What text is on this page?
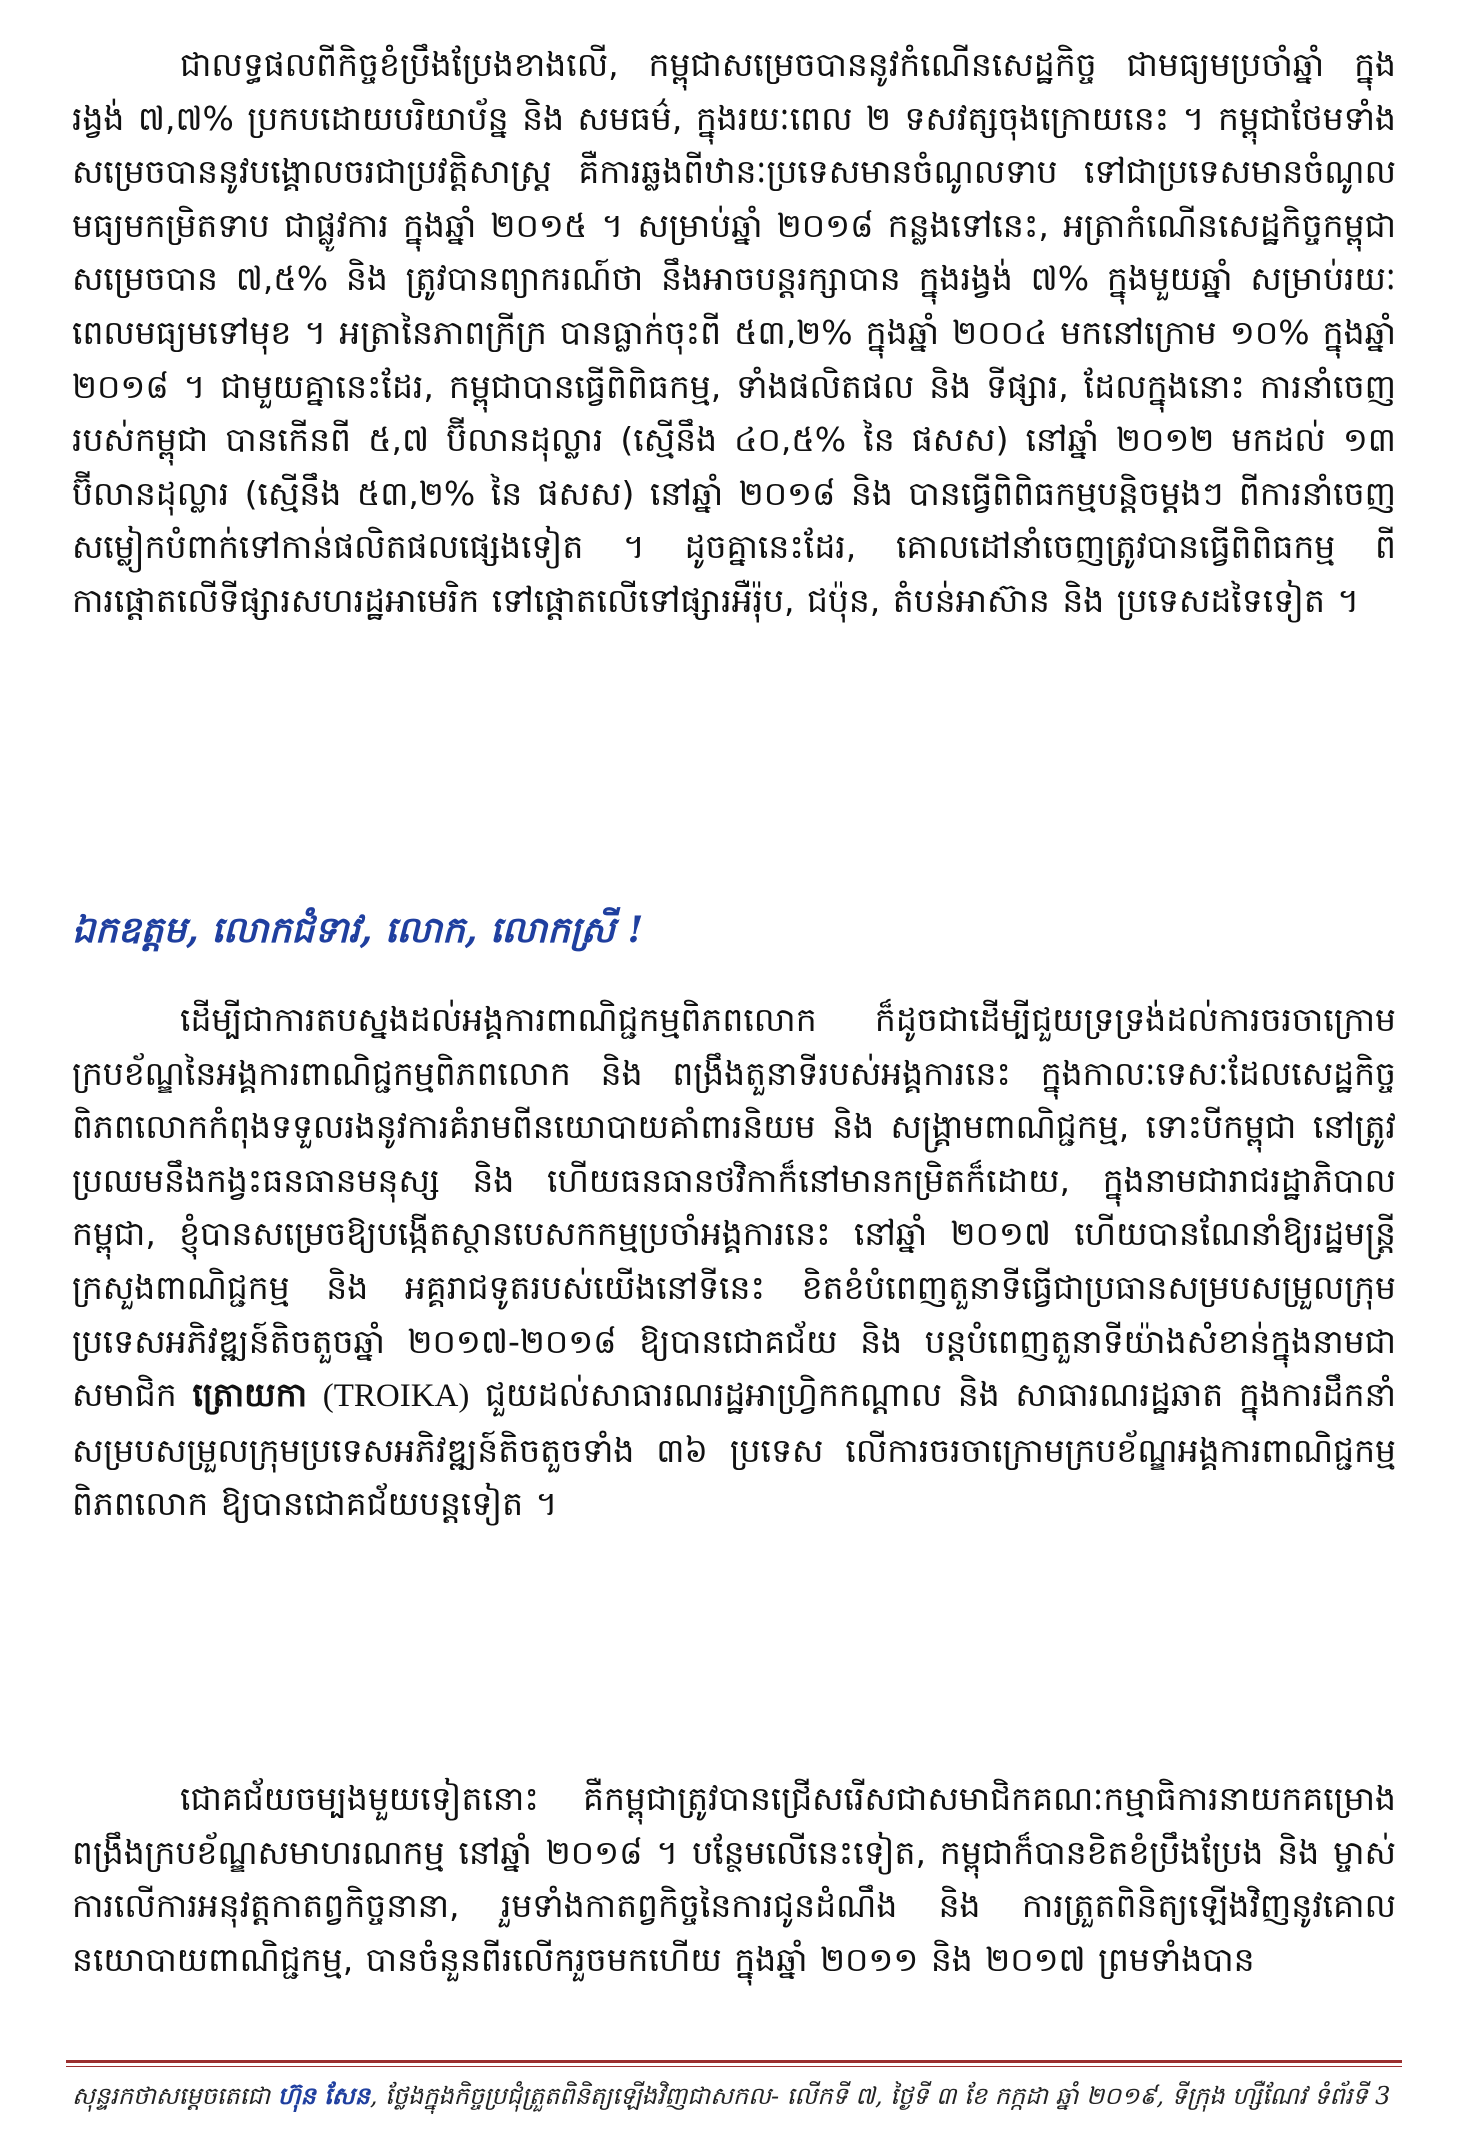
ជាលទ្ធផលពីកិច្ចខំប្រឹងប្រែងខាងលើ, កម្ពុជាសម្រេចបាននូវកំណើនសេដ្ឋកិច្ច ជាមធ្យមប្រចាំឆ្នាំ ក្នុងរង្វង់ ៧,៧% ប្រកបដោយបរិយាប័ន្ន និង សមធម៌, ក្នុងរយៈពេល ២ ទសវត្សចុងក្រោយនេះ ។ កម្ពុជាថែមទាំងសម្រេចបាននូវបង្គោលចរជាប្រវត្តិសាស្ត្រ គឺការឆ្លងពីឋានៈប្រទេសមានចំណូលទាប ទៅជាប្រទេសមានចំណូលមធ្យមកម្រិតទាប ជាផ្លូវការ ក្នុងឆ្នាំ ២០១៥ ។ សម្រាប់ឆ្នាំ ២០១៨ កន្លងទៅនេះ, អត្រាកំណើនសេដ្ឋកិច្ចកម្ពុជាសម្រេចបាន ៧,៥% និង ត្រូវបានព្យាករណ៍ថា នឹងអាចបន្តរក្សាបាន ក្នុងរង្វង់ ៧% ក្នុងមួយឆ្នាំ សម្រាប់រយៈពេលមធ្យមទៅមុខ ។ អត្រានៃភាពក្រីក្រ បានធ្លាក់ចុះពី ៥៣,២% ក្នុងឆ្នាំ ២០០៤ មកនៅក្រោម ១០% ក្នុងឆ្នាំ ២០១៨ ។ ជាមួយគ្នានេះដែរ, កម្ពុជាបានធ្វើពិពិធកម្ម, ទាំងផលិតផល និង ទីផ្សារ, ដែលក្នុងនោះ ការនាំចេញរបស់កម្ពុជា បានកើនពី ៥,៧ ប៊ីលានដុល្លារ (ស្មើនឹង ៤០,៥% នៃ ផសស) នៅឆ្នាំ ២០១២ មកដល់ ១៣ ប៊ីលានដុល្លារ (ស្មើនឹង ៥៣,២% នៃ ផសស) នៅឆ្នាំ ២០១៨ និង បានធ្វើពិពិធកម្មបន្តិចម្តងៗ ពីការនាំចេញសម្លៀកបំពាក់ទៅកាន់ផលិតផលផ្សេងទៀត ។ ដូចគ្នានេះដែរ, គោលដៅនាំចេញត្រូវបានធ្វើពិពិធកម្ម ពីការផ្តោតលើទីផ្សារសហរដ្ឋអាមេរិក ទៅផ្តោតលើទៅផ្សារអឺរ៉ុប, ជប៉ុន, តំបន់អាស៊ាន និង ប្រទេសដទៃទៀត ។

ឯកឧត្តម, លោកជំទាវ, លោក, លោកស្រី !

ដើម្បីជាការតបស្នងដល់អង្គការពាណិជ្ជកម្មពិភពលោក ក៏ដូចជាដើម្បីជួយទ្រទ្រង់ដល់ការចរចាក្រោមក្របខ័ណ្ឌនៃអង្គការពាណិជ្ជកម្មពិភពលោក និង ពង្រឹងតួនាទីរបស់អង្គការនេះ ក្នុងកាលៈទេសៈដែលសេដ្ឋកិច្ចពិភពលោកកំពុងទទួលរងនូវការគំរាមពីនយោបាយគាំពារនិយម និង សង្គ្រាមពាណិជ្ជកម្ម, ទោះបីកម្ពុជា នៅត្រូវប្រឈមនឹងកង្វះធនធានមនុស្ស និង ហើយធនធានថវិកាក៏នៅមានកម្រិតក៏ដោយ, ក្នុងនាមជារាជរដ្ឋាភិបាលកម្ពុជា, ខ្ញុំបានសម្រេចឱ្យបង្កើតស្ថានបេសកកម្មប្រចាំអង្គការនេះ នៅឆ្នាំ ២០១៧ ហើយបានណែនាំឱ្យរដ្ឋមន្ត្រីក្រសួងពាណិជ្ជកម្ម និង អគ្គរាជទូតរបស់យើងនៅទីនេះ ខិតខំបំពេញតួនាទីធ្វើជាប្រធានសម្របសម្រួលក្រុមប្រទេសអភិវឌ្ឍន៍តិចតួចឆ្នាំ ២០១៧-២០១៨ ឱ្យបានជោគជ័យ និង បន្តបំពេញតួនាទីយ៉ាងសំខាន់ក្នុងនាមជាសមាជិក ត្រោយកា (TROIKA) ជួយដល់សាធារណរដ្ឋអាហ្វ្រិកកណ្តាល និង សាធារណរដ្ឋឆាត ក្នុងការដឹកនាំសម្របសម្រួលក្រុមប្រទេសអភិវឌ្ឍន៍តិចតួចទាំង ៣៦ ប្រទេស លើការចរចាក្រោមក្របខ័ណ្ឌអង្គការពាណិជ្ជកម្មពិភពលោក ឱ្យបានជោគជ័យបន្តទៀត ។

ជោគជ័យចម្បងមួយទៀតនោះ គឺកម្ពុជាត្រូវបានជ្រើសរើសជាសមាជិកគណៈកម្មាធិការនាយកគម្រោងពង្រឹងក្របខ័ណ្ឌសមាហរណកម្ម នៅឆ្នាំ ២០១៨ ។ បន្ថែមលើនេះទៀត, កម្ពុជាក៏បានខិតខំប្រឹងប្រែង និង ម្ចាស់ការលើការអនុវត្តកាតព្វកិច្ចនានា, រួមទាំងកាតព្វកិច្ចនៃការជូនដំណឹង និង ការត្រួតពិនិត្យឡើងវិញនូវគោលនយោបាយពាណិជ្ជកម្ម, បានចំនួនពីរលើករួចមកហើយ ក្នុងឆ្នាំ ២០១១ និង ២០១៧ ព្រមទាំងបាន

សុន្ទរកថាសម្តេចតេជោ ហ៊ុន សែន, ថ្លែងក្នុងកិច្ចប្រជុំត្រួតពិនិត្យឡើងវិញជាសកល- លើកទី ៧, ថ្ងៃទី ៣ ខែ កក្កដា ឆ្នាំ ២០១៩, ទីក្រុង ហ្សឺណែវ ទំព័រទី 3
